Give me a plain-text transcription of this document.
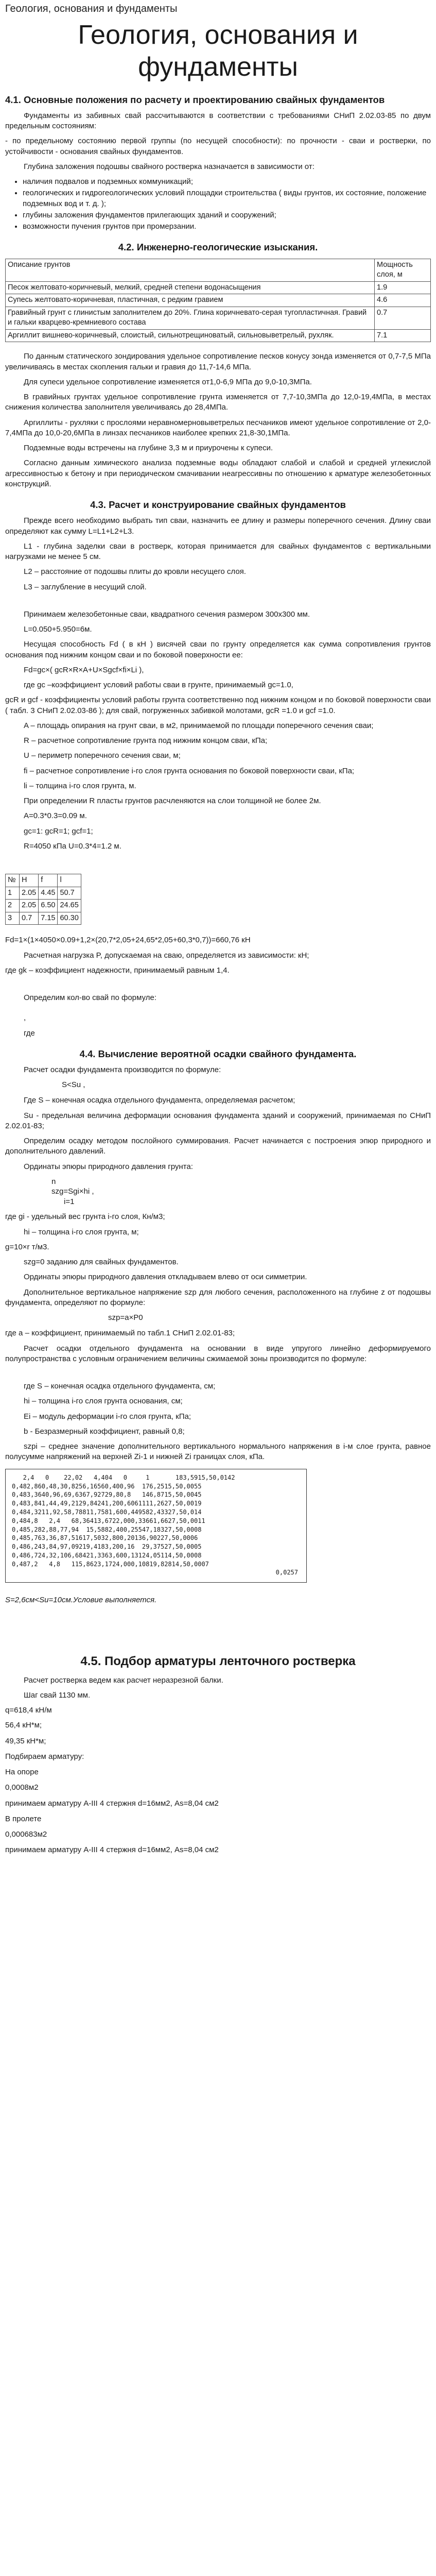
Геология, основания и фундаменты
Геология, основания и фундаменты
4.1. Основные положения по расчету и проектированию свайных фундаментов

Фундаменты из забивных свай рассчитываются в соответствии с требованиями СНиП 2.02.03-85 по двум предельным состояниям:

- по предельному состоянию первой группы (по несущей способности): по прочности - сваи и ростверки, по устойчивости - основания свайных фундаментов.

Глубина заложения подошвы свайного ростверка назначается в зависимости от:

• наличия подвалов и подземных коммуникаций;
• геологических и гидрогеологических условий площадки строительства ( виды грунтов, их состояние, положение подземных вод и т. д. );
• глубины заложения фундаментов прилегающих зданий и сооружений;
• возможности пучения грунтов при промерзании.
4.2. Инженерно-геологические изыскания.
Описание грунтов	Мощность слоя, м
Песок желтовато-коричневый, мелкий, средней степени водонасыщения	1.9
Супесь желтовато-коричневая, пластичная, с редким гравием	4.6
Гравийный грунт с глинистым заполнителем до 20%. Глина коричневато-серая тугопластичная. Гравий и гальки кварцево-кремниевого состава	0.7
Аргиллит вишнево-коричневый, слоистый, сильнотрещиноватый, сильновыветрелый, рухляк.	7.1

По данным статического зондирования удельное сопротивление песков конусу зонда изменяется от 0,7-7,5 МПа увеличиваясь в местах скопления гальки и гравия до 11,7-14,6 МПа.

Для супеси удельное сопротивление изменяется от1,0-6,9 МПа до 9,0-10,3МПа.

В гравийных грунтах удельное сопротивление грунта изменяется от 7,7-10,3МПа до 12,0-19,4МПа, в местах снижения количества заполнителя увеличиваясь до 28,4МПа.

Аргиллиты - рухляки с прослоями неравномерновыветрелых песчаников имеют удельное сопротивление от 2,0-7,4МПа до 10,0-20,6МПа в линзах песчаников наиболее крепких 21,8-30,1МПа.

Подземные воды встречены на глубине 3,3 м и приурочены к супеси.

Согласно данным химического анализа подземные воды обладают слабой и слабой и средней углекислой агрессивностью к бетону и при периодическом смачивании неагрессивны по отношению к арматуре железобетонных конструкций.

4.3. Расчет и конструирование свайных фундаментов

Прежде всего необходимо выбрать тип сваи, назначить ее длину и размеры поперечного сечения. Длину сваи определяют как сумму L=L1+L2+L3.

L1 - глубина заделки сваи в ростверк, которая принимается для свайных фундаментов с вертикальными нагрузками не менее 5 см.

L2 – расстояние от подошвы плиты до кровли несущего слоя.

L3 – заглубление в несущий слой.

Принимаем железобетонные сваи, квадратного сечения размером 300х300 мм.

L=0.050+5.950=6м.

Несущая способность Fd ( в кН ) висячей сваи по грунту определяется как сумма сопротивления грунтов основания под нижним концом сваи и по боковой поверхности ее:

Fd=gc×( gcR×R×A+U×Sgcf×fi×Li ),

где gc –коэффициент условий работы сваи в грунте, принимаемый gc=1.0,

gcR и gcf - коэффициенты условий работы грунта соответственно под нижним концом и по боковой поверхности сваи ( табл. 3 СНиП 2.02.03-86 ); для свай, погруженных забивкой молотами, gcR =1.0 и gcf =1.0.

A – площадь опирания на грунт сваи, в м2, принимаемой по площади поперечного сечения сваи;

R – расчетное сопротивление грунта под нижним концом сваи, кПа;

U – периметр поперечного сечения сваи, м;

fi – расчетное сопротивление i-го слоя грунта основания по боковой поверхности сваи, кПа;

li – толщина i-го слоя грунта, м.

При определении R пласты грунтов расчленяются на слои толщиной не более 2м.

A=0.3*0.3=0.09 м.

gc=1: gcR=1; gcf=1;

R=4050 кПа U=0.3*4=1.2 м.

№	H	f	l
1	2.05	4.45	50.7
2	2.05	6.50	24.65
3	0.7	7.15	60.30

Fd=1×(1×4050×0.09+1,2×(20,7*2,05+24,65*2,05+60,3*0,7))=660,76 кН

Расчетная нагрузка P, допускаемая на сваю, определяется из зависимости: кН;

где gk – коэффициент надежности, принимаемый равным 1,4.

Определим кол-во свай по формуле:

,

где

4.4. Вычисление вероятной осадки свайного фундамента.

Расчет осадки фундамента производится по формуле:

S<Su ,

Где S – конечная осадка отдельного фундамента, определяемая расчетом;

Su - предельная величина деформации основания фундамента зданий и сооружений, принимаемая по СНиП 2.02.01-83;

Определим осадку методом послойного суммирования. Расчет начинается с построения эпюр природного и дополнительного давлений.

Ординаты эпюры природного давления грунта:

n
szg=Sgi×hi ,
i=1

где gi - удельный вес грунта i-го слоя, Кн/м3;

hi – толщина i-го слоя грунта, м;

g=10×r т/м3.

szg=0 заданию для свайных фундаментов.

Ординаты эпюры природного давления откладываем влево от оси симметрии.

Дополнительное вертикальное напряжение szp для любого сечения, расположенного на глубине z от подошвы фундамента, определяют по формуле:

szp=a×P0

где a – коэффициент, принимаемый по табл.1 СНиП 2.02.01-83;

Расчет осадки отдельного фундамента на основании в виде упругого линейно деформируемого полупространства с условным ограничением величины сжимаемой зоны производится по формуле:

где S – конечная осадка отдельного фундамента, см;

hi – толщина i-го слоя грунта основания, см;

Ei – модуль деформации i-го слоя грунта, кПа;

b - Безразмерный коэффициент, равный 0,8;

szpi – среднее значение дополнительного вертикального нормального напряжения в i-м слое грунта, равное полусумме напряжений на верхней Zi-1 и нижней Zi границах слоя, кПа.

2,4   0    22,02   4,404   0     1       183,5915,50,0142
0,482,860,48,30,8256,16560,400,96  176,2515,50,0055
0,483,3640,96,69,6367,92729,80,8   146,8715,50,0045
0,483,841,44,49,2129,84241,200,6061111,2627,50,0019
0,484,3211,92,58,78811,7581,600,449582,43327,50,014
0,484,8   2,4   68,36413,6722,000,33661,6627,50,0011
0,485,282,88,77,94  15,5882,400,25547,18327,50,0008
0,485,763,36,87,51617,5032,800,20136,90227,50,0006
0,486,243,84,97,09219,4183,200,16  29,37527,50,0005
0,486,724,32,106,68421,3363,600,13124,05114,50,0008
0,487,2   4,8   115,8623,1724,000,10819,82814,50,0007
0,0257

S=2,6см<Su=10см.Условие выполняется.

4.5. Подбор арматуры ленточного ростверка

Расчет ростверка ведем как расчет неразрезной балки.

Шаг свай 1130 мм.

q=618,4 кН/м

56,4 кН*м;

49,35 кН*м;

Подбираем арматуру:

На опоре

0,0008м2

принимаем арматуру А-III 4 стержня d=16мм2, As=8,04 см2

В пролете

0,000683м2

принимаем арматуру А-III 4 стержня d=16мм2, As=8,04 см2
